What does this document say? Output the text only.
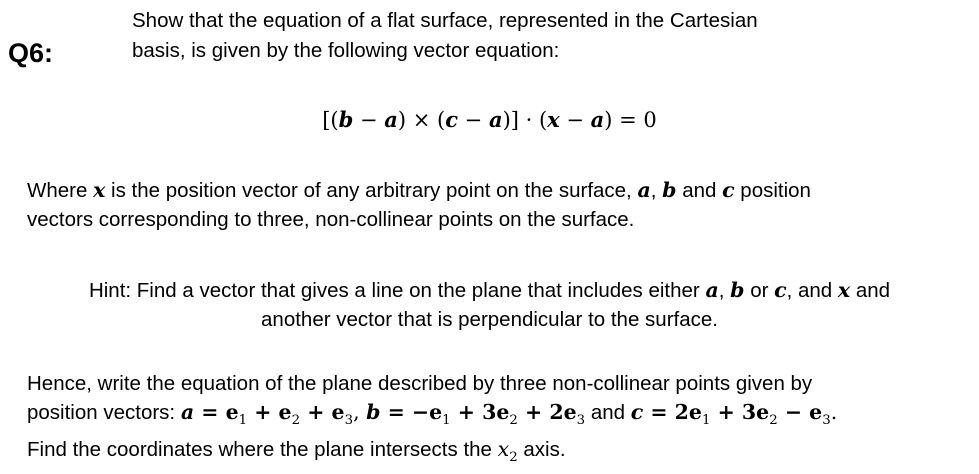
Q6:
Show that the equation of a flat surface, represented in the Cartesian
basis, is given by the following vector equation:
[(b − a) × (c − a)] · (x − a) = 0
Where x is the position vector of any arbitrary point on the surface, a, b and c position
vectors corresponding to three, non-collinear points on the surface.
Hint: Find a vector that gives a line on the plane that includes either a, b or c, and x and
another vector that is perpendicular to the surface.
Hence, write the equation of the plane described by three non-collinear points given by
position vectors: $a = e_1 + e_2 + e_3$, $b = -e_1 + 3e_2 + 2e_3$ and $c = 2e_1 + 3e_2 - e_3$.
Find the coordinates where the plane intersects the $x_2$ axis.
